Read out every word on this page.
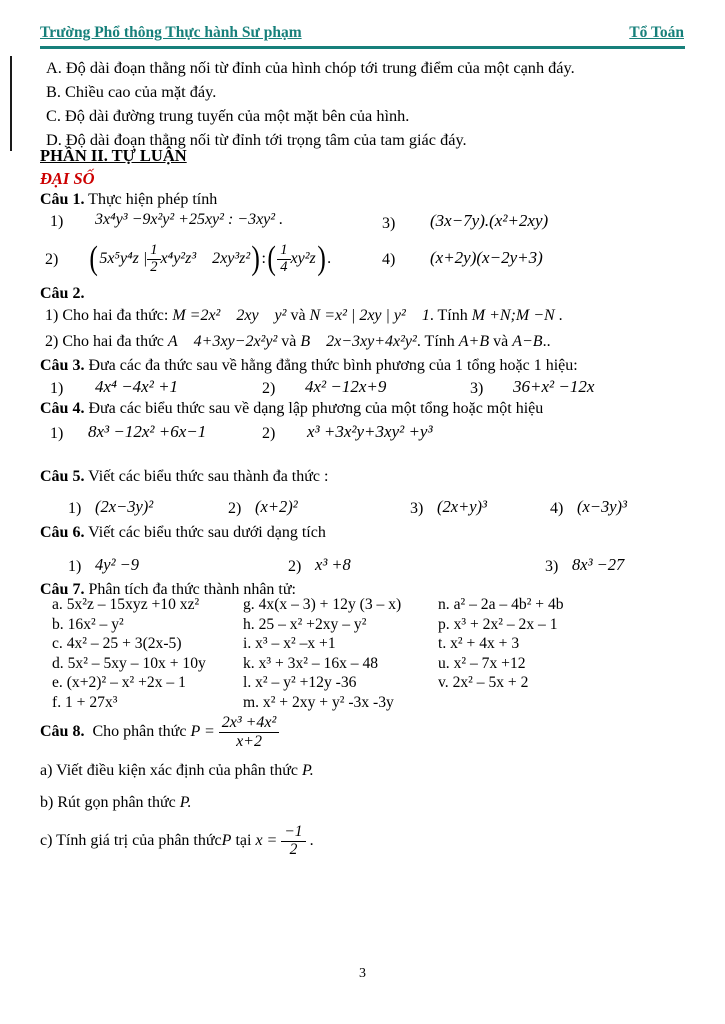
Trường Phổ thông Thực hành Sư phạm	Tổ Toán
A. Độ dài đoạn thẳng nối từ đỉnh của hình chóp tới trung điểm của một cạnh đáy.
B. Chiều cao của mặt đáy.
C. Độ dài đường trung tuyến của một mặt bên của hình.
D. Độ dài đoạn thẳng nối từ đỉnh tới trọng tâm của tam giác đáy.
PHẦN II. TỰ LUẬN
ĐẠI SỐ
Câu 1. Thực hiện phép tính
1) 3x⁴y³ −9x²y² +25xy² : −3xy² .	3) (3x−7y).(x²+2xy)
2) ( 5x⁵y⁴z | $\frac{1}{2} x^4y^2z^3$ 2xy³z² ) : ( $\frac{1}{4} xy^2z$ ) .	4) (x+2y)(x−2y+3)
Câu 2.
1) Cho hai đa thức: M =2x² 2xy y² và N =x² | 2xy | y² 1. Tính M +N;M −N .
2) Cho hai đa thức A 4+3xy−2x²y² và B 2x−3xy+4x²y². Tính A+B và A−B..
Câu 3. Đưa các đa thức sau về hằng đẳng thức bình phương của 1 tổng hoặc 1 hiệu:
1) 4x⁴ −4x² +1	2) 4x² −12x+9	3) 36+x² −12x
Câu 4. Đưa các biểu thức sau về dạng lập phương của một tổng hoặc một hiệu
1) 8x³ −12x² +6x−1	2) x³ +3x²y+3xy² +y³
Câu 5. Viết các biểu thức sau thành đa thức :
1) (2x−3y)²	2) (x+2)²	3) (2x+y)³	4) (x−3y)³
Câu 6. Viết các biểu thức sau dưới dạng tích
1) 4y² −9	2) x³ +8	3) 8x³ −27
Câu 7. Phân tích đa thức thành nhân tử:
a. 5x²z – 15xyz +10 xz²
b. 16x² – y²
c. 4x² – 25 + 3(2x-5)
d. 5x² – 5xy – 10x + 10y
e. (x+2)² – x² +2x – 1
f. 1 + 27x³
g. 4x(x – 3) + 12y (3 – x)
h. 25 – x² +2xy – y²
i. x³ – x² –x +1
k. x³ + 3x² – 16x – 48
l. x² – y² +12y -36
m. x² + 2xy + y² -3x -3y
n. a² – 2a – 4b² + 4b
p. x³ + 2x² – 2x – 1
t. x² + 4x + 3
u. x² – 7x +12
v. 2x² – 5x + 2
Câu 8. Cho phân thức $P = \frac{\text{2x³ +4x²}}{x+2}$
a) Viết điều kiện xác định của phân thức P.
b) Rút gọn phân thức P.
c) Tính giá trị của phân thức P tại $x = \frac{-1}{2}$ .
3
